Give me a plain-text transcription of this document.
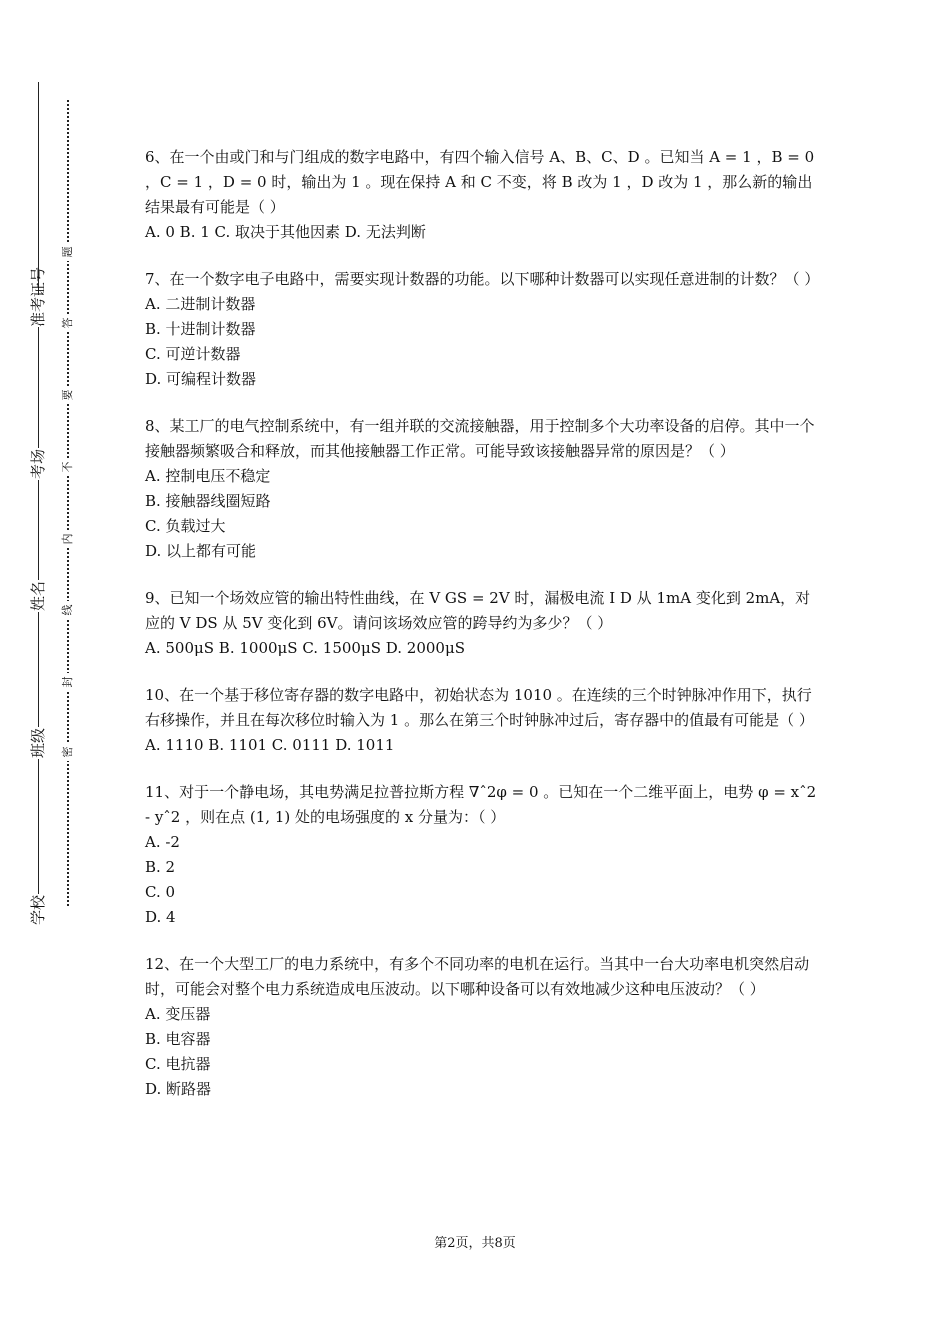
学校
班级
姓名
考场
准考证号
密
封
线
内
不
要
答
题
6、在一个由或门和与门组成的数字电路中，有四个输入信号 A、B、C、D 。已知当 A = 1 ，B = 0 ，C = 1 ，D = 0 时，输出为 1 。现在保持 A 和 C 不变，将 B 改为 1 ，D 改为 1 ，那么新的输出结果最有可能是（ ）
A. 0 B. 1 C. 取决于其他因素 D. 无法判断
7、在一个数字电子电路中，需要实现计数器的功能。以下哪种计数器可以实现任意进制的计数？（ ）
A. 二进制计数器
B. 十进制计数器
C. 可逆计数器
D. 可编程计数器
8、某工厂的电气控制系统中，有一组并联的交流接触器，用于控制多个大功率设备的启停。其中一个接触器频繁吸合和释放，而其他接触器工作正常。可能导致该接触器异常的原因是？（ ）
A. 控制电压不稳定
B. 接触器线圈短路
C. 负载过大
D. 以上都有可能
9、已知一个场效应管的输出特性曲线，在 V GS = 2V 时，漏极电流 I D 从 1mA 变化到 2mA，对应的 V DS 从 5V 变化到 6V。请问该场效应管的跨导约为多少？（ ）
A. 500μS B. 1000μS C. 1500μS D. 2000μS
10、在一个基于移位寄存器的数字电路中，初始状态为 1010 。在连续的三个时钟脉冲作用下，执行右移操作，并且在每次移位时输入为 1 。那么在第三个时钟脉冲过后，寄存器中的值最有可能是（ ）
A. 1110 B. 1101 C. 0111 D. 1011
11、对于一个静电场，其电势满足拉普拉斯方程 ∇ˆ2φ = 0 。已知在一个二维平面上，电势 φ = xˆ2 - yˆ2 ，则在点 (1, 1) 处的电场强度的 x 分量为：（ ）
A. -2
B. 2
C. 0
D. 4
12、在一个大型工厂的电力系统中，有多个不同功率的电机在运行。当其中一台大功率电机突然启动时，可能会对整个电力系统造成电压波动。以下哪种设备可以有效地减少这种电压波动？（ ）
A. 变压器
B. 电容器
C. 电抗器
D. 断路器
第2页，共8页
